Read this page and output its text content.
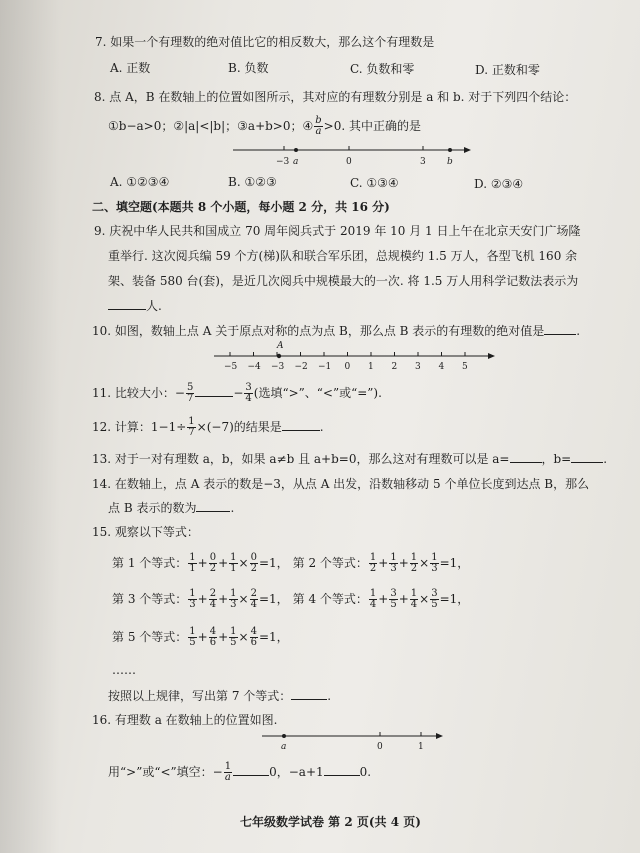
7. 如果一个有理数的绝对值比它的相反数大，那么这个有理数是
A. 正数	B. 负数	C. 负数和零	D. 正数和零
8. 点 A，B 在数轴上的位置如图所示，其对应的有理数分别是 a 和 b. 对于下列四个结论：
①b−a>0；②|a|<|b|；③a+b>0；④ $\frac{b}{a} >0$. 其中正确的是
−3 a	0	3 b
A. ①②③④	B. ①②③	C. ①③④	D. ②③④
二、填空题(本题共 8 个小题，每小题 2 分，共 16 分)
9. 庆祝中华人民共和国成立 70 周年阅兵式于 2019 年 10 月 1 日上午在北京天安门广场隆
重举行. 这次阅兵编 59 个方(梯)队和联合军乐团，总规模约 1.5 万人，各型飞机 160 余
架、装备 580 台(套)，是近几次阅兵中规模最大的一次. 将 1.5 万人用科学记数法表示为
人.
10. 如图，数轴上点 A 关于原点对称的点为点 B，那么点 B 表示的有理数的绝对值是	.
A
−5 −4 −3 −2 −1 0 1 2 3 4 5
11. 比较大小：− $\frac{5}{7}$	− $\frac{3}{4}$ (选填“>”、“<”或“=”).
12. 计算：$1-1\div \frac{1}{7} \times(-7)$的结果是	.
13. 对于一对有理数 a，b，如果 a≠b 且 a+b=0，那么这对有理数可以是 a=	，b=	.
14. 在数轴上，点 A 表示的数是−3，从点 A 出发，沿数轴移动 5 个单位长度到达点 B，那么
点 B 表示的数为	.
15. 观察以下等式：
第 1 个等式： $\frac{1}{1} + \frac{0}{2} + \frac{1}{1} \times \frac{0}{2} =1$， 第 2 个等式： $\frac{1}{2} + \frac{1}{3} + \frac{1}{2} \times \frac{1}{3} =1$，
第 3 个等式： $\frac{1}{3} + \frac{2}{4} + \frac{1}{3} \times \frac{2}{4} =1$， 第 4 个等式： $\frac{1}{4} + \frac{3}{5} + \frac{1}{4} \times \frac{3}{5} =1$，
第 5 个等式： $\frac{1}{5} + \frac{4}{6} + \frac{1}{5} \times \frac{4}{6} =1$，
……
按照以上规律，写出第 7 个等式：	.
16. 有理数 a 在数轴上的位置如图.
a	0	1
用“>”或“<”填空：− $\frac{1}{a}$	0，−a+1	0.
七年级数学试卷 第 2 页(共 4 页)
